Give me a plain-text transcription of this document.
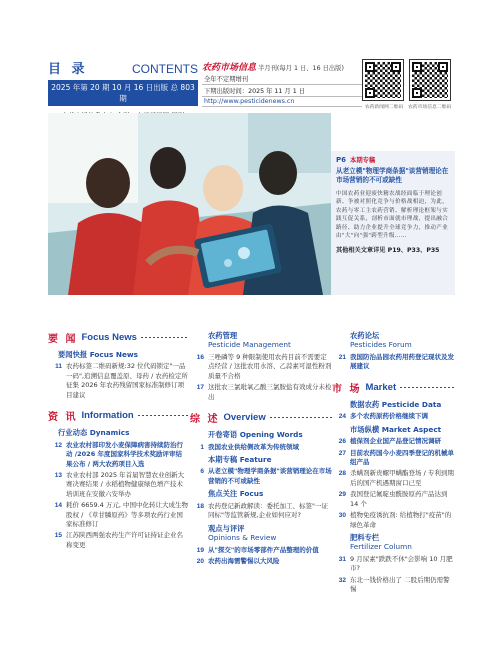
目 录	CONTENTS
2025 年第 20 期 10 月 16 日出版 总 803 期
农药市场信息 半月刊(每月 1 日、16 日出版)
全年不定期增刊
下期出版时间：2025 年 11 月 1 日
http://www.pesticidenews.cn
农药新闻网二维码　农药市场信息二维码
P6 本期专稿
从老立模"物理学商条据"谈营销理论在市场营销的不可或缺性
中国农药业迎废快精农战经面临于理论创新、争被对照化竞争与价格战相迫，为此，农药与零工主农药营销、解析理论框架与实践互促关系，剖析市面就市理战，提出融合路径、助力企业提升全球竞争力，推动产业由"大"向"强"跨型升级……
其他相关文章详见 P19、P33、P35
要 闻 Focus News
要闻快报 Focus News
11 农药标签二维码新规:32 位代码锁定"一品一码",追溯信息覆盖原、母药 / 农药检定所征集 2026 年农药残留国家标准制修订项目建议
资 讯 Information
行业动态 Dynamics
12 农业农村部印发小麦保障病害持续防治行动 /2026 年度国家科学技术奖励评审结果公布 / 两大农药项目入选
13 农业农村部 2025 年首届智慧农业创新大赛决赛结果 / 水稻植物健康绿色增产技术培训班在安徽六安举办
14 耗价 6659.4 万元, 中国中化转让大成生物股权 / 《草甘膦原药》等多项农药行业国家标准修订
15 江苏陕西两强农药生产许可证持证企业名称变更
农药管理
Pesticide Management
16 三唑磷等 9 种限制使用农药目前不需要定点经营 / 这批农用水溶、乙蒜素可湿性粉剂质量不合格
17 这批农三氯吡氧乙酸三氯胺盐有效成分未检出
综 述 Overview
开卷寄语 Opening Words
1 我国农业供给侧改革为传统领域
本期专稿 Feature
6 从老立模"物理学商条据"谈营销理论在市场营销的不可或缺性
焦点关注 Focus
18 农药登记新政解读：委托加工、标签"一证同标"等监管新规,企业如何应对?
观点与评评
Opinions & Review
19 从"探交"的市场零部件产品整理的价值
20 农药出海需警惕以大风险
农药论坛
Pesticides Forum
21 我国防治品园农药用药登记现状及发展建议
市 场 Market
数据农药 Pesticide Data
24 多个农药原药价格继续下调
市场纵横 Market Aspect
26 植保剂企业国产品登记情况调研
27 目前农药国今小麦四季登记的机械单组产品
28 杀螨剂新贵螺甲螨酯登场 / 专利到期后的国产机遇期窗口已至
29 我国登记氟啶虫酰胺原药产品达到 14 个
30 植物免疫诱抗剂: 给植物打"疫苗"的绿色革命
肥料专栏
Fertilizer Column
31 9 月尿素"跌跌不休"会影响 10 月肥市?
32 东北一钱价格出了 二股后期仍需警惕
